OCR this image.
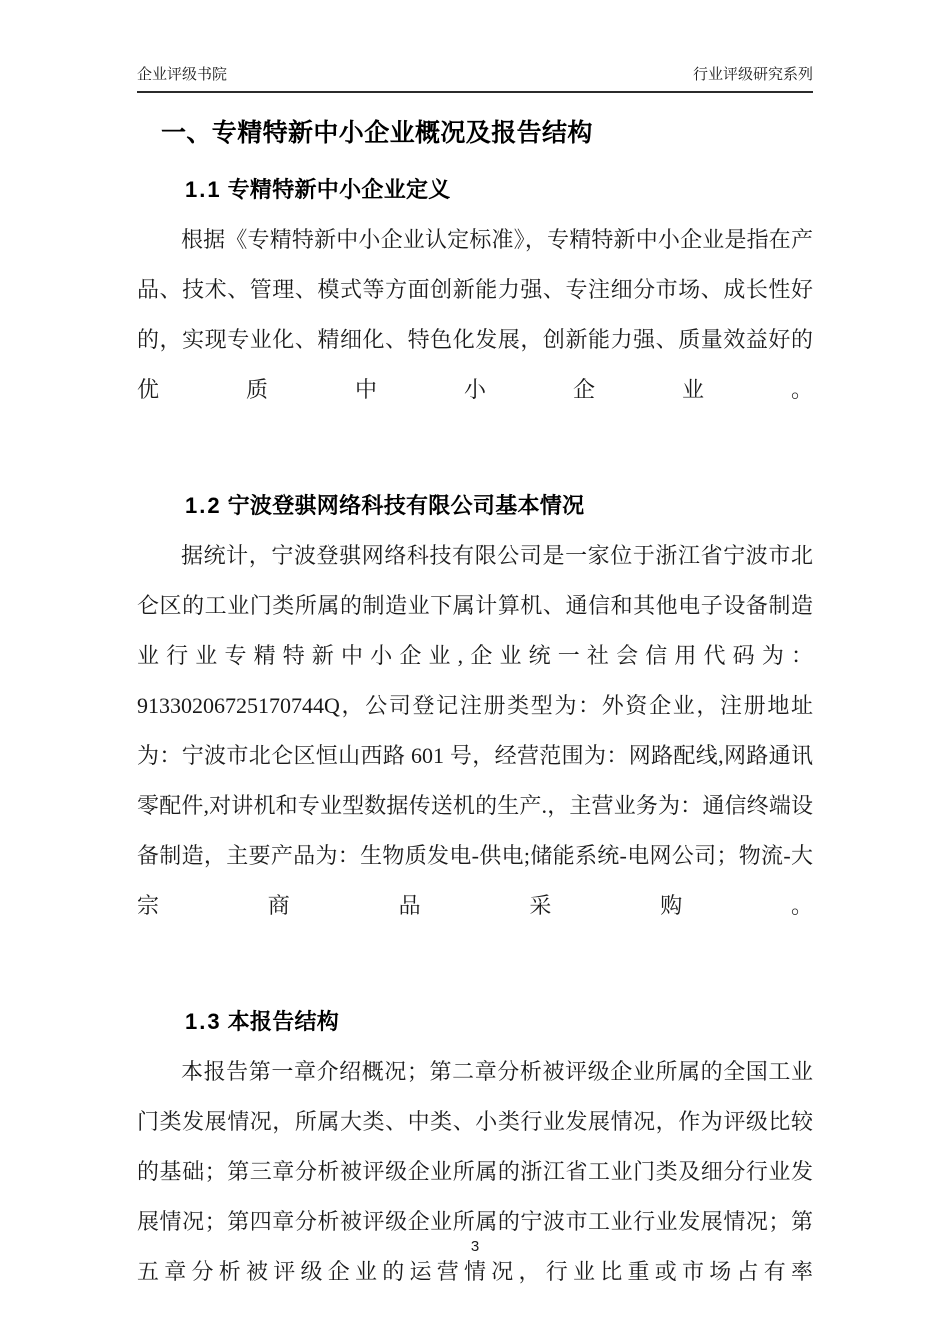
企业评级书院	行业评级研究系列
一、专精特新中小企业概况及报告结构
1.1 专精特新中小企业定义

根据《专精特新中小企业认定标准》，专精特新中小企业是指在产品、技术、管理、模式等方面创新能力强、专注细分市场、成长性好的，实现专业化、精细化、特色化发展，创新能力强、质量效益好的优质中小企业。

1.2 宁波登骐网络科技有限公司基本情况

据统计，宁波登骐网络科技有限公司是一家位于浙江省宁波市北仑区的工业门类所属的制造业下属计算机、通信和其他电子设备制造业行业专精特新中小企业,企业统一社会信用代码为：91330206725170744Q，公司登记注册类型为：外资企业，注册地址为：宁波市北仑区恒山西路 601 号，经营范围为：网路配线,网路通讯零配件,对讲机和专业型数据传送机的生产.，主营业务为：通信终端设备制造，主要产品为：生物质发电-供电;储能系统-电网公司；物流-大宗商品采购。

1.3 本报告结构

本报告第一章介绍概况；第二章分析被评级企业所属的全国工业门类发展情况，所属大类、中类、小类行业发展情况，作为评级比较的基础；第三章分析被评级企业所属的浙江省工业门类及细分行业发展情况；第四章分析被评级企业所属的宁波市工业行业发展情况；第五章分析被评级企业的运营情况，行业比重或市场占有率

3
